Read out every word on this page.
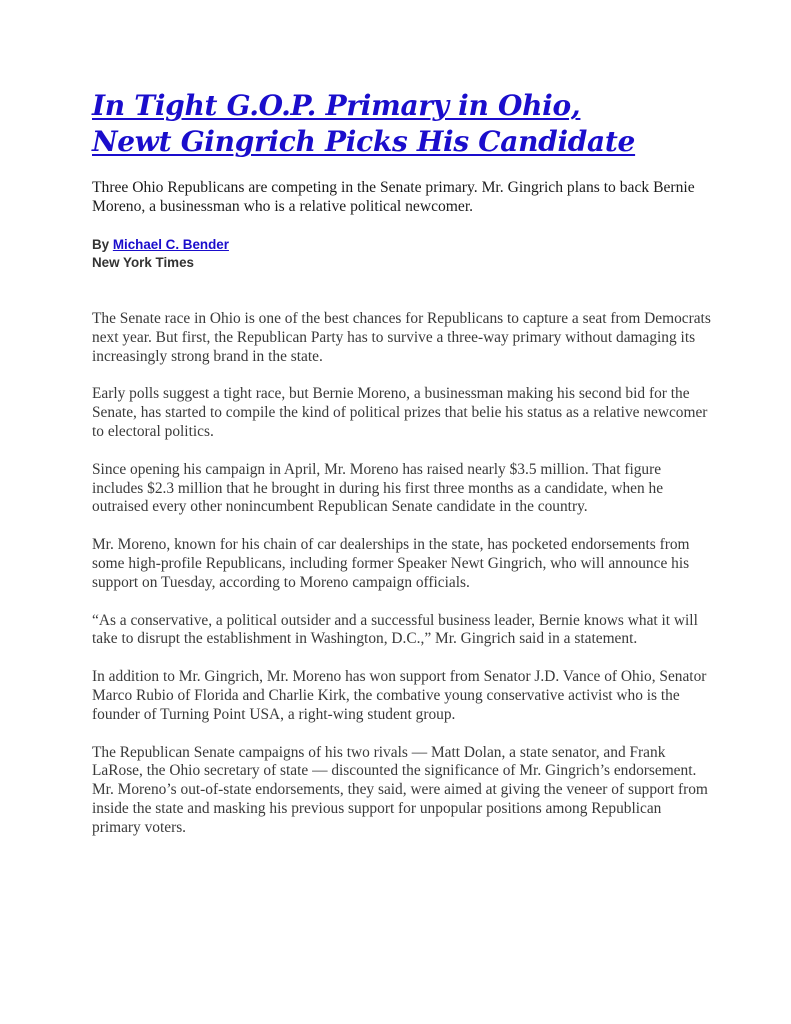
In Tight G.O.P. Primary in Ohio,
Newt Gingrich Picks His Candidate

Three Ohio Republicans are competing in the Senate primary. Mr. Gingrich plans to back Bernie Moreno, a businessman who is a relative political newcomer.

By Michael C. Bender

New York Times

The Senate race in Ohio is one of the best chances for Republicans to capture a seat from Democrats next year. But first, the Republican Party has to survive a three-way primary without damaging its increasingly strong brand in the state.

Early polls suggest a tight race, but Bernie Moreno, a businessman making his second bid for the Senate, has started to compile the kind of political prizes that belie his status as a relative newcomer to electoral politics.

Since opening his campaign in April, Mr. Moreno has raised nearly $3.5 million. That figure includes $2.3 million that he brought in during his first three months as a candidate, when he outraised every other nonincumbent Republican Senate candidate in the country.

Mr. Moreno, known for his chain of car dealerships in the state, has pocketed endorsements from some high-profile Republicans, including former Speaker Newt Gingrich, who will announce his support on Tuesday, according to Moreno campaign officials.

“As a conservative, a political outsider and a successful business leader, Bernie knows what it will take to disrupt the establishment in Washington, D.C.,” Mr. Gingrich said in a statement.

In addition to Mr. Gingrich, Mr. Moreno has won support from Senator J.D. Vance of Ohio, Senator Marco Rubio of Florida and Charlie Kirk, the combative young conservative activist who is the founder of Turning Point USA, a right-wing student group.

The Republican Senate campaigns of his two rivals — Matt Dolan, a state senator, and Frank LaRose, the Ohio secretary of state — discounted the significance of Mr. Gingrich’s endorsement. Mr. Moreno’s out-of-state endorsements, they said, were aimed at giving the veneer of support from inside the state and masking his previous support for unpopular positions among Republican primary voters.
